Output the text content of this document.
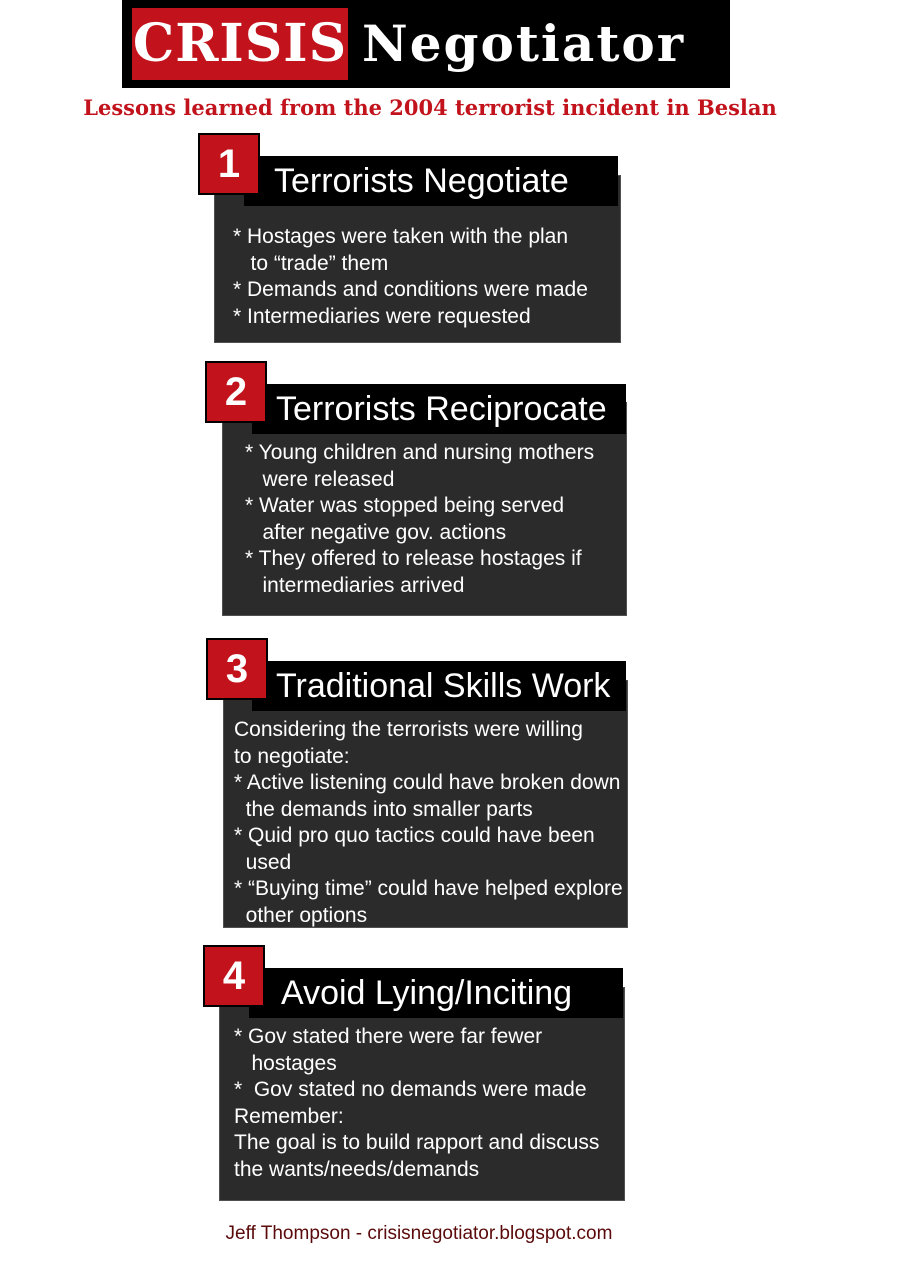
CRISIS Negotiator
Lessons learned from the 2004 terrorist incident in Beslan
Terrorists Negotiate
1
* Hostages were taken with the plan
to “trade” them
* Demands and conditions were made
* Intermediaries were requested
Terrorists Reciprocate
2
* Young children and nursing mothers
were released
* Water was stopped being served
after negative gov. actions
* They offered to release hostages if
intermediaries arrived
Traditional Skills Work
3
Considering the terrorists were willing
to negotiate:
* Active listening could have broken down
the demands into smaller parts
* Quid pro quo tactics could have been
used
* “Buying time” could have helped explore
other options
Avoid Lying/Inciting
4
* Gov stated there were far fewer
hostages
*  Gov stated no demands were made
Remember:
The goal is to build rapport and discuss
the wants/needs/demands
Jeff Thompson - crisisnegotiator.blogspot.com
